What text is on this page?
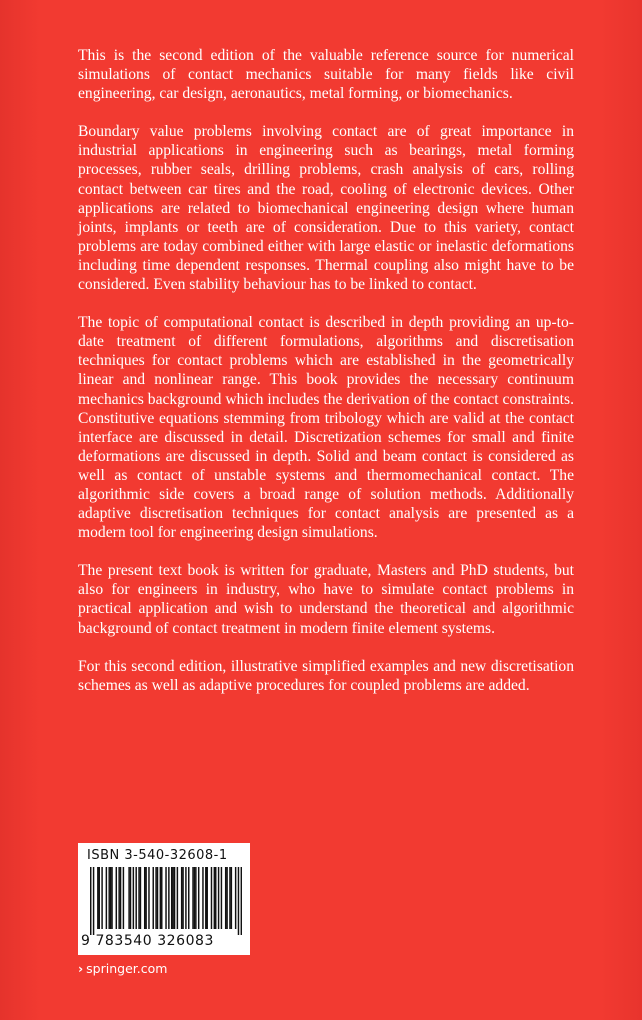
This is the second edition of the valuable reference source for numerical simulations of contact mechanics suitable for many fields like civil engineering, car design, aeronautics, metal forming, or biomechanics.

Boundary value problems involving contact are of great importance in industrial applications in engineering such as bearings, metal forming processes, rubber seals, drilling problems, crash analysis of cars, rolling contact between car tires and the road, cooling of electronic devices. Other applications are related to biomechanical engineering design where human joints, implants or teeth are of consideration. Due to this variety, contact problems are today combined either with large elastic or inelastic deformations including time dependent responses. Thermal coupling also might have to be considered. Even stability behaviour has to be linked to contact.

The topic of computational contact is described in depth providing an up-to-date treatment of different formulations, algorithms and discretisation techniques for contact problems which are established in the geometrically linear and nonlinear range. This book provides the necessary continuum mechanics background which includes the derivation of the contact constraints. Constitutive equations stemming from tribology which are valid at the contact interface are discussed in detail. Discretization schemes for small and finite deformations are discussed in depth. Solid and beam contact is considered as well as contact of unstable systems and thermomechanical contact. The algorithmic side covers a broad range of solution methods. Additionally adaptive discretisation techniques for contact analysis are presented as a modern tool for engineering design simulations.

The present text book is written for graduate, Masters and PhD students, but also for engineers in industry, who have to simulate contact problems in practical application and wish to understand the theoretical and algorithmic background of contact treatment in modern finite element systems.

For this second edition, illustrative simplified examples and new discretisation schemes as well as adaptive procedures for coupled problems are added.

ISBN 3-540-32608-1
9 783540 326083
› springer.com
